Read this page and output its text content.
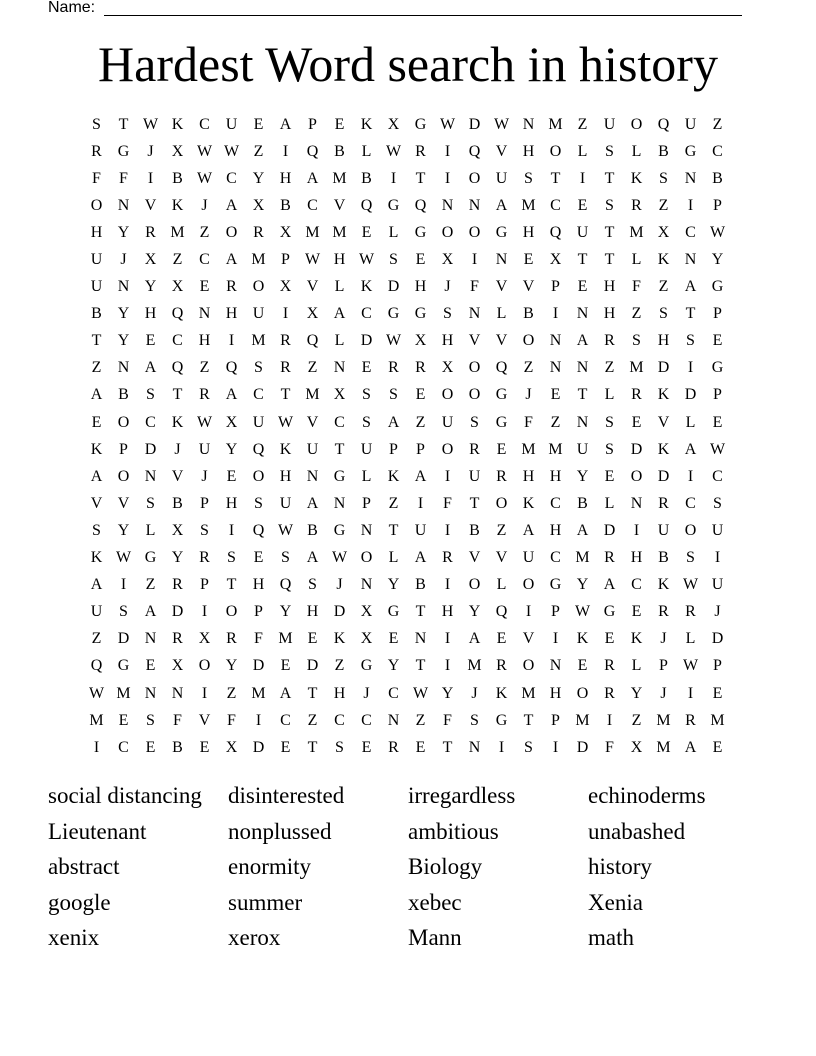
Name:
Hardest Word search in history
S	T W K C U	E	A	P	E	K X G W D W N M Z	U O Q U	Z
R G	J	X W W Z	I	Q B	L W R	I	Q V H O	L	S	L	B G C
F	F	I	B W C Y H A M B	I	T	I	O U	S	T	I	T	K	S	N B
O N V K	J	A X B	C V Q G Q N N A M C	E	S	R	Z	I	P
H Y R M Z	O R X M M E	L	G O O G H Q U	T M X C W
U	J	X	Z	C A M P W H W S	E	X	I	N	E	X	T	T	L	K N Y
U N Y X	E	R O X V	L	K D H	J	F	V V	P	E	H	F	Z	A G
B Y H Q N H U	I	X A C G G	S	N	L	B	I	N H	Z	S	T	P
T	Y	E	C H	I	M R Q	L	D W X H V V O N A R	S	H	S	E
Z	N A Q	Z	Q	S	R	Z	N	E	R	R X O Q	Z	N N	Z M D	I	G
A B	S	T	R A C	T M X	S	S	E	O O G	J	E	T	L	R K D	P
E	O C K W X U W V C	S	A	Z	U	S	G	F	Z	N	S	E	V	L	E
K	P	D	J	U Y Q K U	T	U	P	P	O R	E M M U	S	D K A W
A O N V	J	E	O H N G	L	K A	I	U R H H Y	E	O D	I	C
V V	S	B	P	H	S	U A N	P	Z	I	F	T	O K C	B	L	N R	C	S
S	Y	L	X	S	I	Q W B G N	T	U	I	B	Z	A H A D	I	U O U
K W G Y R	S	E	S	A W O	L	A R V V U C M R H B	S	I
A	I	Z	R	P	T	H Q	S	J	N Y B	I	O	L	O G Y A C K W U
U	S	A D	I	O	P	Y H D X G	T	H Y Q	I	P W G	E	R	R	J
Z	D N R X R	F M E	K X	E	N	I	A	E	V	I	K	E	K	J	L	D
Q G	E	X O Y D	E	D	Z	G Y	T	I	M R O N	E	R	L	P W P
W M N N	I	Z M A	T	H	J	C W Y	J	K M H O R Y	J	I	E
M E	S	F	V	F	I	C	Z	C	C N	Z	F	S	G	T	P M	I	Z M R M
I	C	E	B	E	X D	E	T	S	E	R	E	T	N	I	S	I	D	F	X M A	E
social distancing	disinterested	irregardless	echinoderms
Lieutenant	nonplussed	ambitious	unabashed
abstract	enormity	Biology	history
google	summer	xebec	Xenia
xenix	xerox	Mann	math
